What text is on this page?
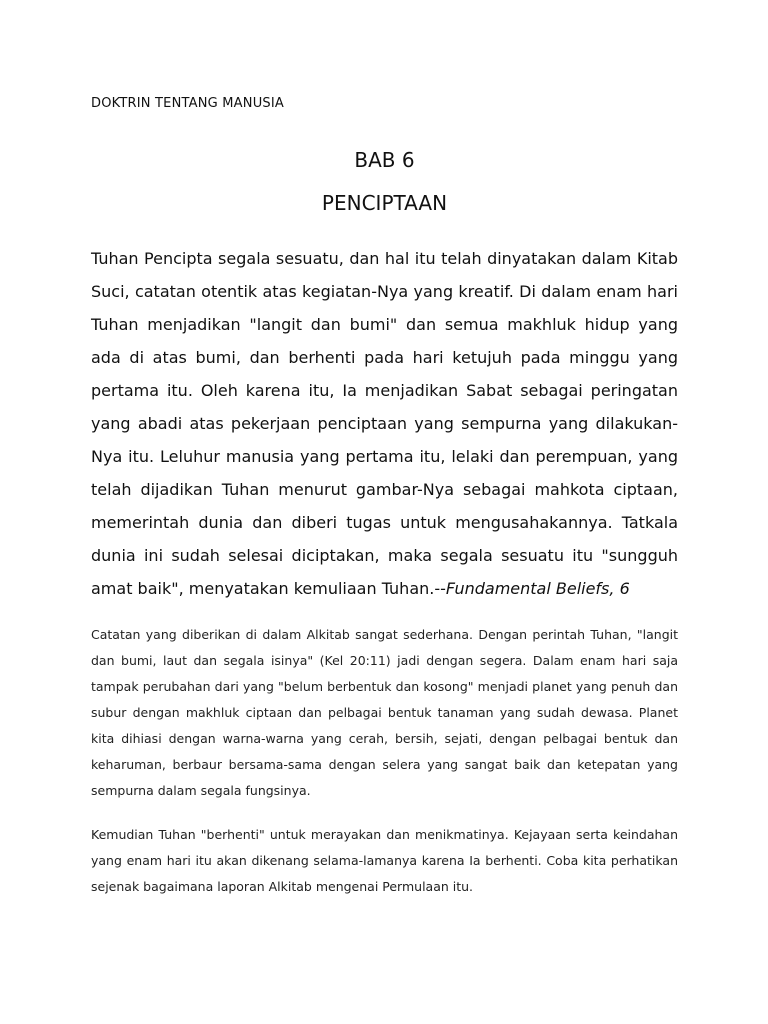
DOKTRIN TENTANG MANUSIA
BAB 6
PENCIPTAAN

Tuhan Pencipta segala sesuatu, dan hal itu telah dinyatakan dalam Kitab Suci, catatan otentik atas kegiatan-Nya yang kreatif. Di dalam enam hari Tuhan menjadikan "langit dan bumi" dan semua makhluk hidup yang ada di atas bumi, dan berhenti pada hari ketujuh pada minggu yang pertama itu. Oleh karena itu, Ia menjadikan Sabat sebagai peringatan yang abadi atas pekerjaan penciptaan yang sempurna yang dilakukan-Nya itu. Leluhur manusia yang pertama itu, lelaki dan perempuan, yang telah dijadikan Tuhan menurut gambar-Nya sebagai mahkota ciptaan, memerintah dunia dan diberi tugas untuk mengusahakannya. Tatkala dunia ini sudah selesai diciptakan, maka segala sesuatu itu "sungguh amat baik", menyatakan kemuliaan Tuhan.--Fundamental Beliefs, 6

Catatan yang diberikan di dalam Alkitab sangat sederhana. Dengan perintah Tuhan, "langit dan bumi, laut dan segala isinya" (Kel 20:11) jadi dengan segera. Dalam enam hari saja tampak perubahan dari yang "belum berbentuk dan kosong" menjadi planet yang penuh dan subur dengan makhluk ciptaan dan pelbagai bentuk tanaman yang sudah dewasa. Planet kita dihiasi dengan warna-warna yang cerah, bersih, sejati, dengan pelbagai bentuk dan keharuman, berbaur bersama-sama dengan selera yang sangat baik dan ketepatan yang sempurna dalam segala fungsinya.

Kemudian Tuhan "berhenti" untuk merayakan dan menikmatinya. Kejayaan serta keindahan yang enam hari itu akan dikenang selama-lamanya karena Ia berhenti. Coba kita perhatikan sejenak bagaimana laporan Alkitab mengenai Permulaan itu.
